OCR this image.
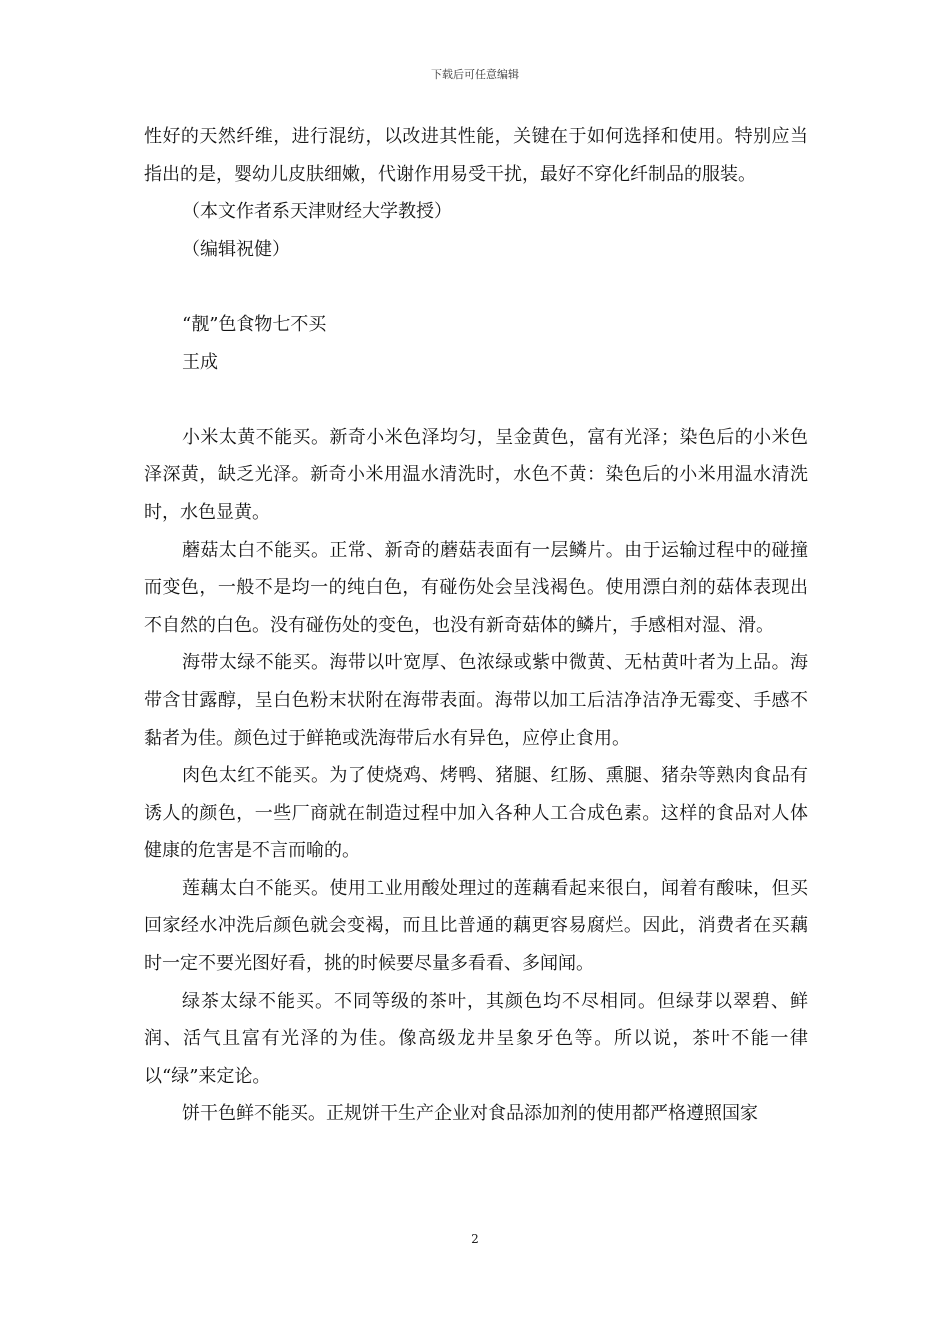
下载后可任意编辑

性好的天然纤维，进行混纺，以改进其性能，关键在于如何选择和使用。特别应当指出的是，婴幼儿皮肤细嫩，代谢作用易受干扰，最好不穿化纤制品的服装。

（本文作者系天津财经大学教授）

（编辑祝健）

“靓”色食物七不买

王成

小米太黄不能买。新奇小米色泽均匀，呈金黄色，富有光泽；染色后的小米色泽深黄，缺乏光泽。新奇小米用温水清洗时，水色不黄：染色后的小米用温水清洗时，水色显黄。

蘑菇太白不能买。正常、新奇的蘑菇表面有一层鳞片。由于运输过程中的碰撞而变色，一般不是均一的纯白色，有碰伤处会呈浅褐色。使用漂白剂的菇体表现出不自然的白色。没有碰伤处的变色，也没有新奇菇体的鳞片，手感相对湿、滑。

海带太绿不能买。海带以叶宽厚、色浓绿或紫中微黄、无枯黄叶者为上品。海带含甘露醇，呈白色粉末状附在海带表面。海带以加工后洁净洁净无霉变、手感不黏者为佳。颜色过于鲜艳或洗海带后水有异色，应停止食用。

肉色太红不能买。为了使烧鸡、烤鸭、猪腿、红肠、熏腿、猪杂等熟肉食品有诱人的颜色，一些厂商就在制造过程中加入各种人工合成色素。这样的食品对人体健康的危害是不言而喻的。

莲藕太白不能买。使用工业用酸处理过的莲藕看起来很白，闻着有酸味，但买回家经水冲洗后颜色就会变褐，而且比普通的藕更容易腐烂。因此，消费者在买藕时一定不要光图好看，挑的时候要尽量多看看、多闻闻。

绿茶太绿不能买。不同等级的茶叶，其颜色均不尽相同。但绿芽以翠碧、鲜润、活气且富有光泽的为佳。像高级龙井呈象牙色等。所以说，茶叶不能一律以“绿”来定论。

饼干色鲜不能买。正规饼干生产企业对食品添加剂的使用都严格遵照国家

2
